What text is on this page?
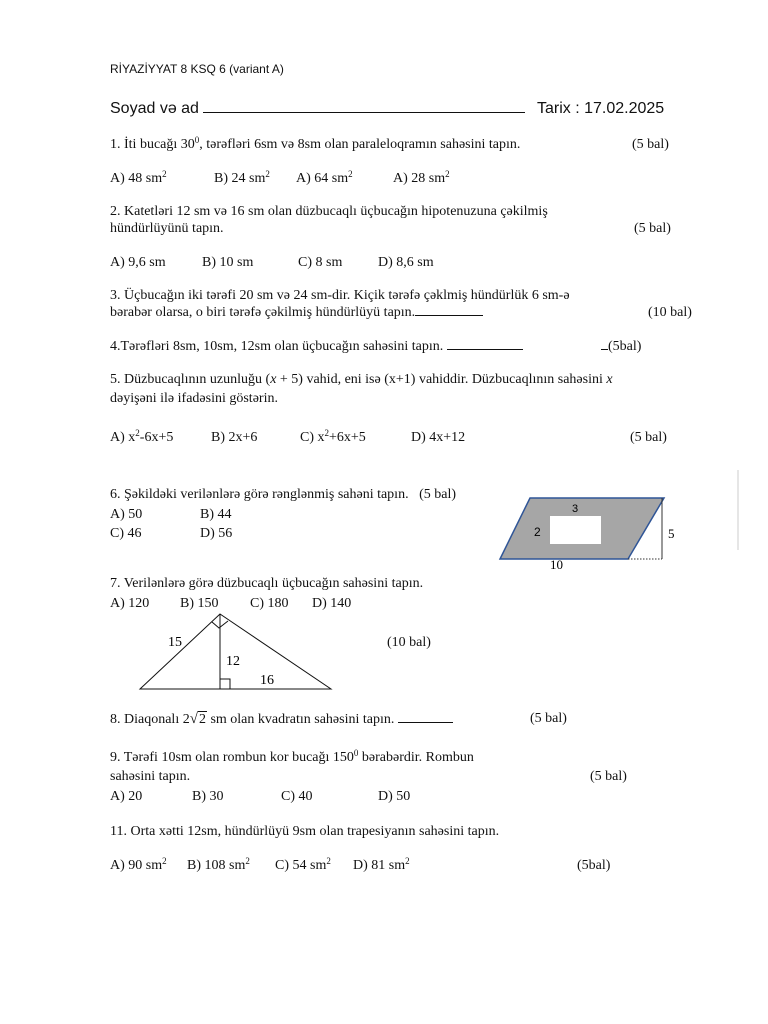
RİYAZİYYAT 8 KSQ 6 (variant A)
Soyad və ad	Tarix : 17.02.2025
1. İti bucağı $30^0$, tərəfləri 6sm və 8sm olan paraleloqramın sahəsini tapın.	(5 bal)
A) 48 $sm^2$	B) 24 $sm^2$ A) 64 $sm^2$	A) 28 $sm^2$
2. Katetləri 12 sm və 16 sm olan düzbucaqlı üçbucağın hipotenuzuna çəkilmiş
hündürlüyünü tapın.	(5 bal)
A) 9,6 sm	B) 10 sm	C) 8 sm	D) 8,6 sm
3. Üçbucağın iki tərəfi 20 sm və 24 sm-dir. Kiçik tərəfə çəklmiş hündürlük 6 sm-ə
bərabər olarsa, o biri tərəfə çəkilmiş hündürlüyü tapın.	(10 bal)
4.Tərəfləri 8sm, 10sm, 12sm olan üçbucağın sahəsini tapın.	(5bal)
5. Düzbucaqlının uzunluğu (x + 5) vahid, eni isə (x+1) vahiddir. Düzbucaqlının sahəsini x
dəyişəni ilə ifadəsini göstərin.
A) $x^2-6x+5$	B) 2x+6	C) $x^2+6x+5$	D) 4x+12	(5 bal)
6. Şəkildəki verilənlərə görə rənglənmiş sahəni tapın. (5 bal)
A) 50	B) 44
C) 46	D) 56
3
2	5
10
7. Verilənlərə görə düzbucaqlı üçbucağın sahəsini tapın.
A) 120 B) 150 C) 180 D) 140
(10 bal)
15
12
16
8. Diaqonalı 2√2 sm olan kvadratın sahəsini tapın.	(5 bal)
9. Tərəfi 10sm olan rombun kor bucağı $150^0$ bərabərdir. Rombun
sahəsini tapın.	(5 bal)
A) 20	B) 30	C) 40	D) 50
11. Orta xətti 12sm, hündürlüyü 9sm olan trapesiyanın sahəsini tapın.
A) 90 $sm^2$ B) 108 $sm^2$ C) 54 $sm^2$ D) 81 $sm^2$	(5bal)
